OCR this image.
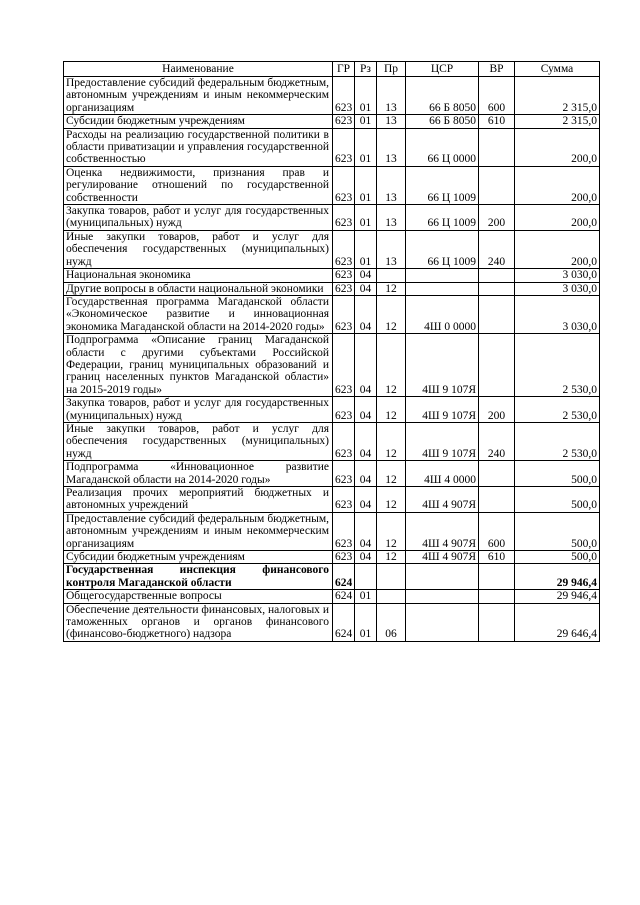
Наименование	ГР	Рз	Пр	ЦСР	ВР	Сумма
Предоставление субсидий федеральным бюджетным, автономным учреждениям и иным некоммерческим организациям	623	01	13	66 Б 8050	600	2 315,0
Субсидии бюджетным учреждениям	623	01	13	66 Б 8050	610	2 315,0
Расходы на реализацию государственной политики в области приватизации и управления государственной собственностью	623	01	13	66 Ц 0000		200,0
Оценка недвижимости, признания прав и регулирование отношений по государственной собственности	623	01	13	66 Ц 1009		200,0
Закупка товаров, работ и услуг для государственных (муниципальных) нужд	623	01	13	66 Ц 1009	200	200,0
Иные закупки товаров, работ и услуг для обеспечения государственных (муниципальных) нужд	623	01	13	66 Ц 1009	240	200,0
Национальная экономика	623	04				3 030,0
Другие вопросы в области национальной экономики	623	04	12			3 030,0
Государственная программа Магаданской области «Экономическое развитие и инновационная экономика Магаданской области на 2014-2020 годы»	623	04	12	4Ш 0 0000		3 030,0
Подпрограмма «Описание границ Магаданской области с другими субъектами Российской Федерации, границ муниципальных образований и границ населенных пунктов Магаданской области» на 2015-2019 годы»	623	04	12	4Ш 9 107Я		2 530,0
Закупка товаров, работ и услуг для государственных (муниципальных) нужд	623	04	12	4Ш 9 107Я	200	2 530,0
Иные закупки товаров, работ и услуг для обеспечения государственных (муниципальных) нужд	623	04	12	4Ш 9 107Я	240	2 530,0
Подпрограмма «Инновационное развитие Магаданской области на 2014-2020 годы»	623	04	12	4Ш 4 0000		500,0
Реализация прочих мероприятий бюджетных и автономных учреждений	623	04	12	4Ш 4 907Я		500,0
Предоставление субсидий федеральным бюджетным, автономным учреждениям и иным некоммерческим организациям	623	04	12	4Ш 4 907Я	600	500,0
Субсидии бюджетным учреждениям	623	04	12	4Ш 4 907Я	610	500,0
Государственная инспекция финансового контроля Магаданской области	624					29 946,4
Общегосударственные вопросы	624	01				29 946,4
Обеспечение деятельности финансовых, налоговых и таможенных органов и органов финансового (финансово-бюджетного) надзора	624	01	06			29 646,4
